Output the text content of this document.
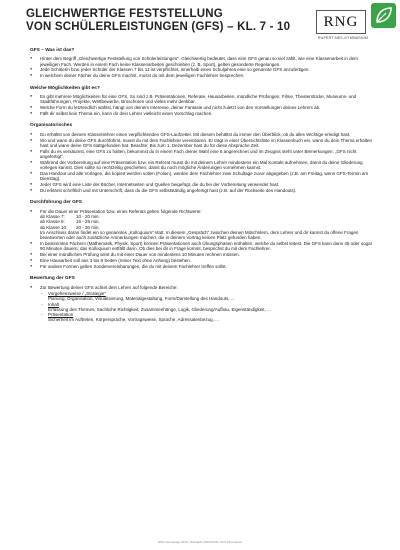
GLEICHWERTIGE FESTSTELLUNG
VON SCHÜLERLEISTUNGEN (GFS) – KL. 7 - 10	RNG
RUPERT-NEß-GYMNASIUM
GFS – Was ist das?
● Hinter dem Begriff „Gleichwertige Feststellung von Schülerleistungen“. Gleichwertig bedeutet, dass eine GFS genau so viel zählt, wie eine Klassenarbeit in dem jeweiligen Fach. Werden in einem Fach keine Klassenarbeiten geschrieben (z. B. Sport), gelten gesonderte Regelungen.
● Jede Schülerin bzw. jeder Schüler der Klassen 7 bis 11 ist verpflichtet, innerhalb eines Schuljahres eine so genannte GFS anzufertigen.
● In welchem deiner Fächer du deine GFS machst, musst du mit dem jeweiligen Fachlehrer besprechen.
Welche Möglichkeiten gibt es?
● Es gibt mehrere Möglichkeiten für eine GFS. So sind z.B. Präsentationen, Referate, Hausarbeiten, mündliche Prüfungen, Filme, Theaterstücke, Museums- und Stadtführungen, Projekte, Wettbewerbe, Broschüren und vieles mehr denkbar.
● Welche Form du letztendlich wählst, hängt von deinem Interesse, deiner Fantasie und nicht zuletzt von den Vorstellungen deines Lehrers ab.
● Fällt dir selbst kein Thema ein, kann dir dein Lehrer vielleicht einen Vorschlag machen.
Organisatorisches
● Du erhältst von deinem Klassenlehrer einen verpflichtenden GFS-Laufzettel. Mit diesem behältst du immer den Überblick, ob du alles Wichtige erledigt hast.
● Wo und wann du deine GFS durchführst, musst du mit dem Fachlehrer vereinbaren. Er trägt in einer Übersichtsliste im Klassenbuch ein, wann du dein Thema erhalten hast und wann deine GFS stattgefunden hat. Beachte: Bis zum 1. Dezember hast du für diese Absprache Zeit.
● Falls du es versäumst, eine GFS zu halten, bekommst du in einem Fach deiner Wahl eine 6 angerechnet und im Zeugnis steht unter Bemerkungen: „GFS nicht angefertigt“.
● Während der Vorbereitung auf eine Präsentation bzw. ein Referat musst du mit deinem Lehrer mindestens ein Mal Kontakt aufnehmen, damit du deine Gliederung vorlegen kannst. Dies sollte so rechtzeitig geschehen, damit du noch mögliche Änderungen vornehmen kannst.
● Das Handout und alle Vorlagen, die kopiert werden sollen (Folien), werden dem Fachlehrer zwei Schultage zuvor abgegeben (z.B. am Freitag, wenn GFS-Termin am Dienstag).
● Jeder GFS wird eine Liste der Bücher, Internetseiten und Quellen beigefügt, die du bei der Vorbereitung verwendet hast.
● Du erklärst schriftlich und mit Unterschrift, dass du die GFS selbstständig angefertigt hast (z.B. auf der Rückseite des Handouts).
Durchführung der GFS
● Für die Dauer einer Präsentation bzw. eines Referats gelten folgende Richtwerte:
ab Klasse 7:	10 - 20 min.
ab Klasse 9:	15 - 25 min.
ab Klasse 10:	20 - 30 min.
Im Anschluss daran findet ein so genanntes „Kolloquium“ statt. In diesem „Gespräch“ zwischen deinen Mitschülern, dem Lehrer und dir kannst du offene Fragen beantworten oder auch zusätzliche Anmerkungen machen, die in deinem Vortrag keinen Platz gefunden haben.
● In bestimmten Fächern (Mathematik, Physik, Sport) können Präsentationen auch Übungsphasen enthalten, welche du selbst leitest. Die GFS kann dann 45 oder sogar 90 Minuten dauern; das Kolloquium entfällt dann. Ob dies bei dir in Frage kommt, besprichst du mit dem Fachlehrer.
● Bei einer mündlichen Prüfung wirst du mit einer Dauer von mindestens 10 Minuten rechnen müssen.
● Eine Hausarbeit soll aus 3 bis 8 Seiten (reiner Text ohne Anhang) bestehen.
● Für andere Formen gelten Sondervereinbarungen, die du mit deinem Fachlehrer treffen sollst.
Bewertung der GFS
● Zur Bewertung deiner GFS achtet dein Lehrer auf folgende Bereiche:
- Vorgehensweise / „Strategie“
Planung, Organisation, Visualisierung, Materialgestaltung, Form/Darstellung des Handouts, ...
- Inhalt
Erfassung des Themes, Sachliche Richtigkeit, Zusammenhänge, Logik, Gliederung/Aufbau, Eigenständigkeit, ...
- Präsentation
Sicherheit im Auftreten, Körpersprache, Vortragsweise, Sprache, Adressatenbezug, ...
RNG Homepage 2015 | Schuljahr 2015/2016 | GFS Information
